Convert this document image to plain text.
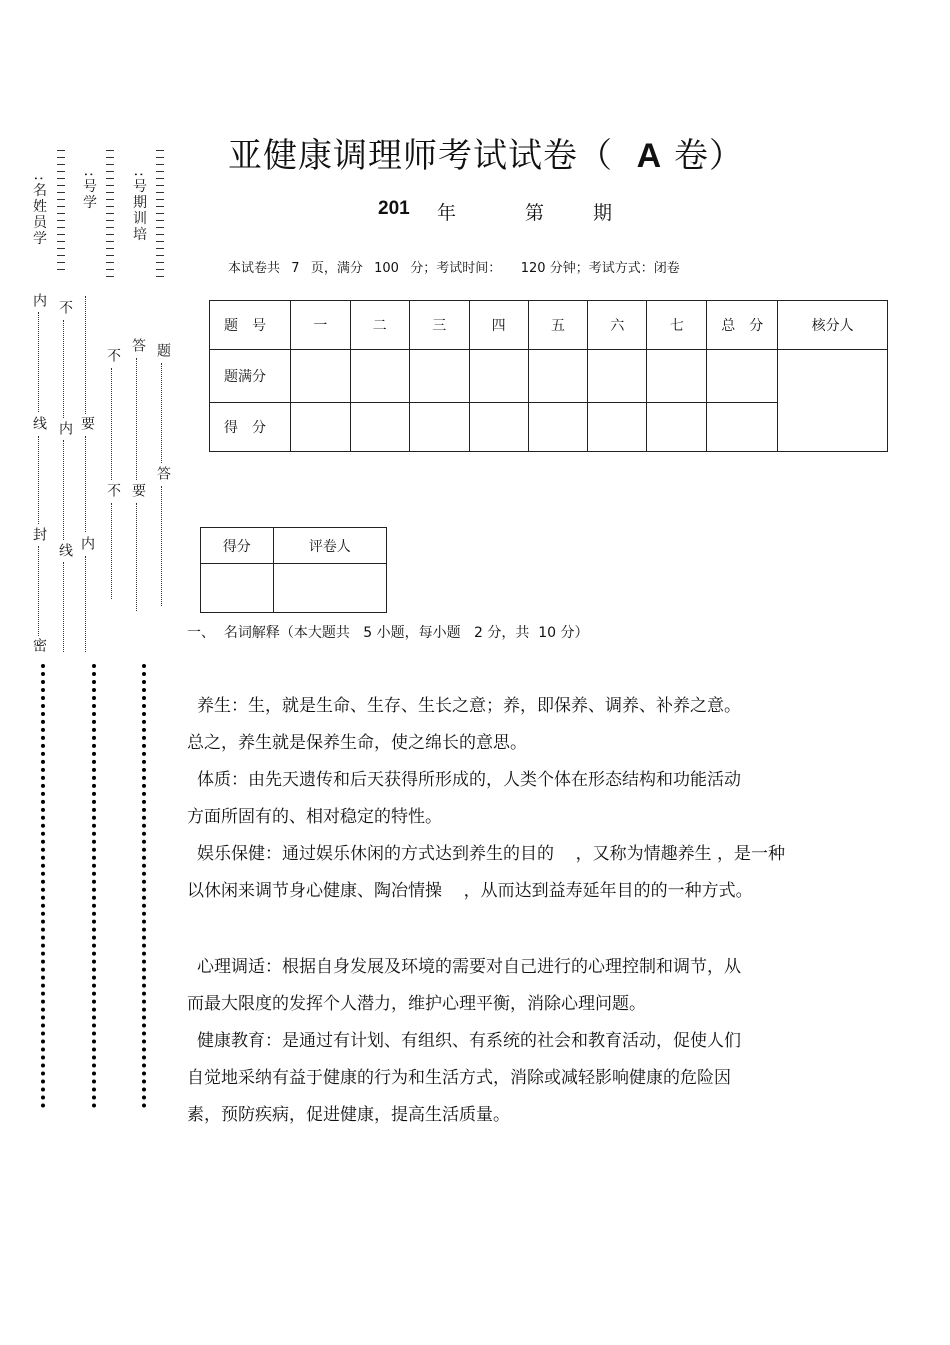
:名姓员学 :号学 :号期训培
内
线
封
密
不
内
线
要
内
不
不
答
要
题
答
亚健康调理师考试试卷（ A 卷）
201 年	第	期
本试卷共 7 页，满分 100 分；考试时间： 120 分钟；考试方式：闭卷
题　号	一	二	三	四	五	六	七	总　分	核分人
题满分									
得　分									
得分	评卷人

一、  名词解释（本大题共   5 小题，每小题   2 分，共  10 分）

养生：生，就是生命、生存、生长之意；养，即保养、调养、补养之意。

总之，养生就是保养生命，使之绵长的意思。

体质：由先天遗传和后天获得所形成的，人类个体在形态结构和功能活动

方面所固有的、相对稳定的特性。

娱乐保健：通过娱乐休闲的方式达到养生的目的    ，又称为情趣养生 ，是一种

以休闲来调节身心健康、陶冶情操    ，从而达到益寿延年目的的一种方式。

心理调适：根据自身发展及环境的需要对自己进行的心理控制和调节，从

而最大限度的发挥个人潜力，维护心理平衡，消除心理问题。

健康教育：是通过有计划、有组织、有系统的社会和教育活动，促使人们

自觉地采纳有益于健康的行为和生活方式，消除或减轻影响健康的危险因

素，预防疾病，促进健康，提高生活质量。
